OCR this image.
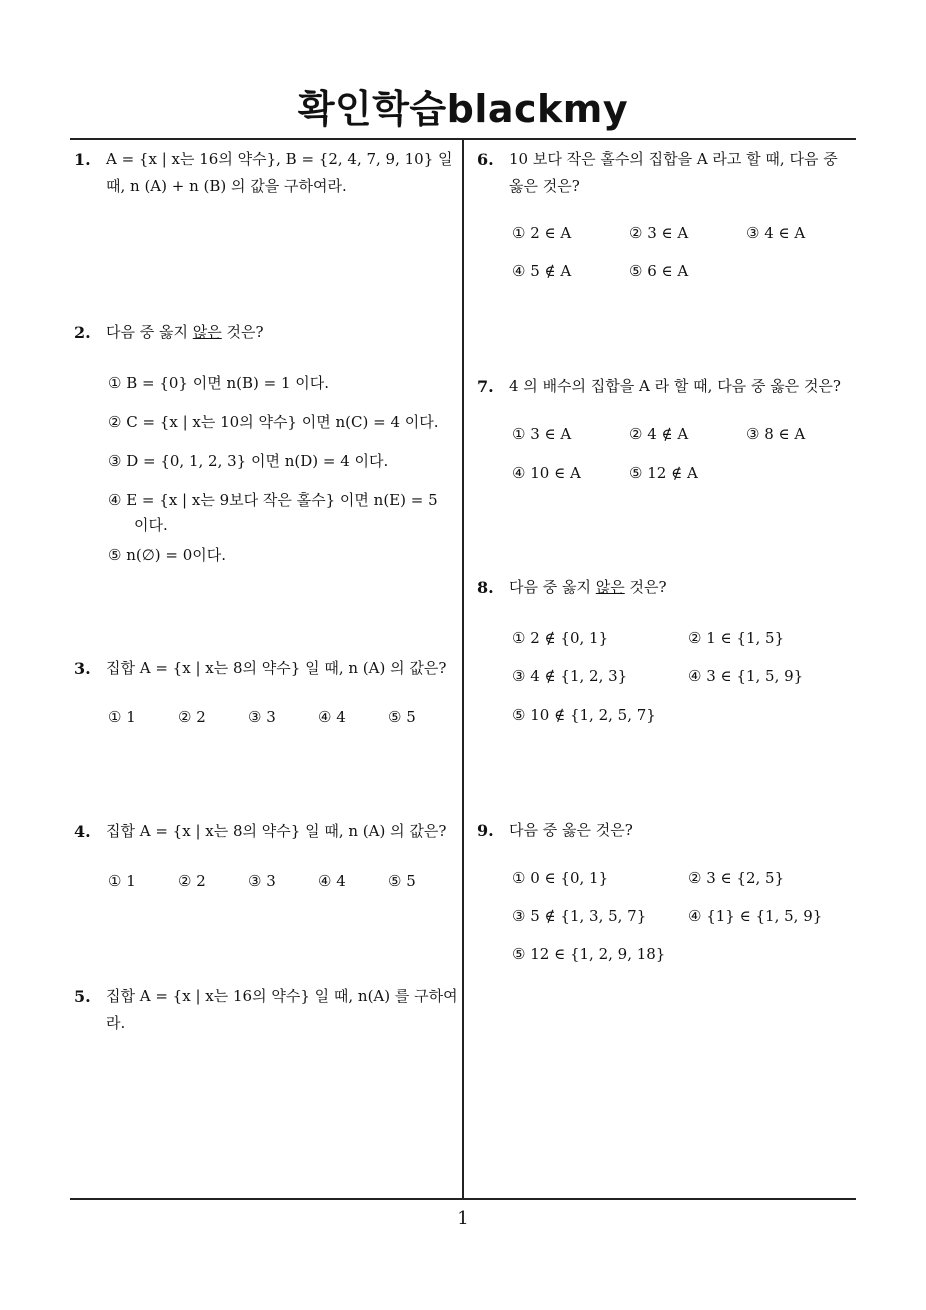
확인학습blackmy
1
1. A = {x | x는 16의 약수}, B = {2, 4, 7, 9, 10} 일
때, n (A) + n (B) 의 값을 구하여라.
2. 다음 중 옳지 않은 것은?
① B = {0} 이면 n(B) = 1 이다.
② C = {x | x는 10의 약수} 이면 n(C) = 4 이다.
③ D = {0, 1, 2, 3} 이면 n(D) = 4 이다.
④ E = {x | x는 9보다 작은 홀수} 이면 n(E) = 5
이다.
⑤ n(∅) = 0이다.
3. 집합 A = {x | x는 8의 약수} 일 때, n (A) 의 값은?
① 1	② 2	③ 3	④ 4	⑤ 5
4. 집합 A = {x | x는 8의 약수} 일 때, n (A) 의 값은?
① 1	② 2	③ 3	④ 4	⑤ 5
5. 집합 A = {x | x는 16의 약수} 일 때, n(A) 를 구하여
라.
6. 10 보다 작은 홀수의 집합을 A 라고 할 때, 다음 중
옳은 것은?
① 2 ∈ A	② 3 ∈ A	③ 4 ∈ A
④ 5 ∉ A	⑤ 6 ∈ A
7. 4 의 배수의 집합을 A 라 할 때, 다음 중 옳은 것은?
① 3 ∈ A	② 4 ∉ A	③ 8 ∈ A
④ 10 ∈ A	⑤ 12 ∉ A
8. 다음 중 옳지 않은 것은?
① 2 ∉ {0, 1}	② 1 ∈ {1, 5}
③ 4 ∉ {1, 2, 3}	④ 3 ∈ {1, 5, 9}
⑤ 10 ∉ {1, 2, 5, 7}
9. 다음 중 옳은 것은?
① 0 ∈ {0, 1}	② 3 ∈ {2, 5}
③ 5 ∉ {1, 3, 5, 7}	④ {1} ∈ {1, 5, 9}
⑤ 12 ∈ {1, 2, 9, 18}
